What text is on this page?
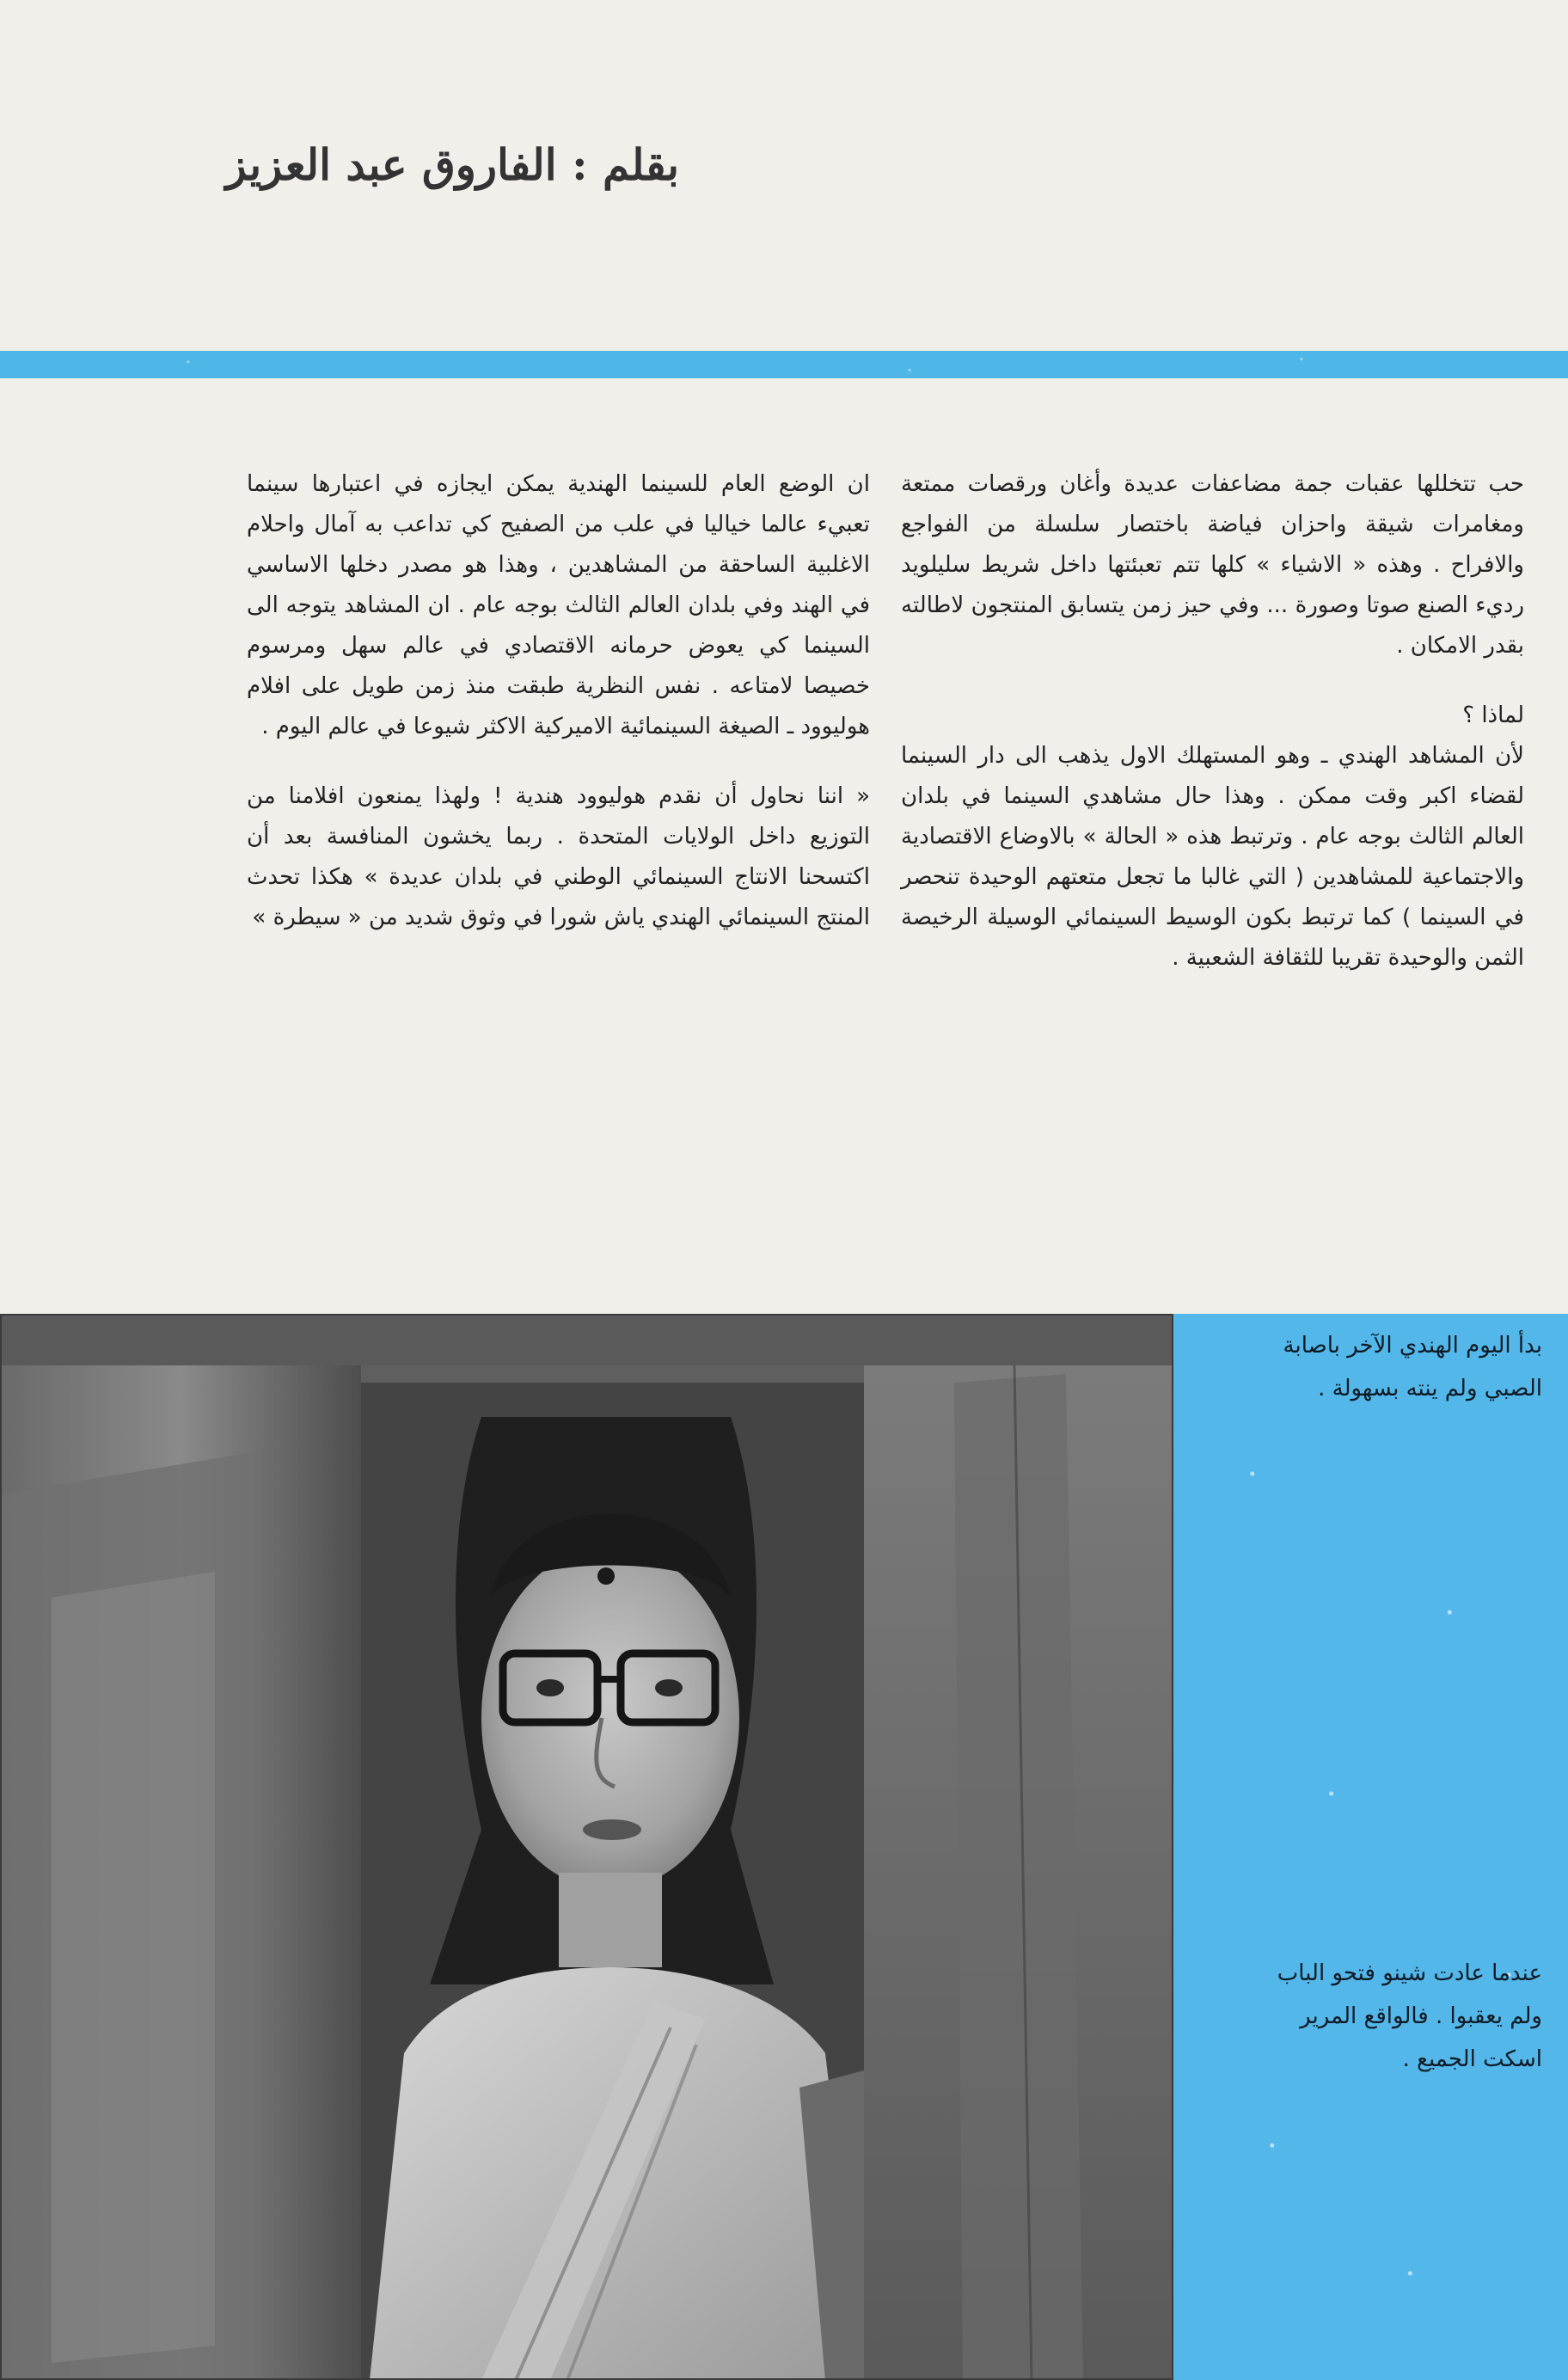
بقلم : الفاروق عبد العزيز

حب تتخللها عقبات جمة مضاعفات عديدة وأغان ورقصات ممتعة ومغامرات شيقة واحزان فياضة باختصار سلسلة من الفواجع والافراح . وهذه « الاشياء » كلها تتم تعبئتها داخل شريط سليلويد رديء الصنع صوتا وصورة ... وفي حيز زمن يتسابق المنتجون لاطالته بقدر الامكان .

لماذا ؟

لأن المشاهد الهندي ـ وهو المستهلك الاول يذهب الى دار السينما لقضاء اكبر وقت ممكن . وهذا حال مشاهدي السينما في بلدان العالم الثالث بوجه عام . وترتبط هذه « الحالة » بالاوضاع الاقتصادية والاجتماعية للمشاهدين ( التي غالبا ما تجعل متعتهم الوحيدة تنحصر في السينما ) كما ترتبط بكون الوسيط السينمائي الوسيلة الرخيصة الثمن والوحيدة تقريبا للثقافة الشعبية .

ان الوضع العام للسينما الهندية يمكن ايجازه في اعتبارها سينما تعبيء عالما خياليا في علب من الصفيح كي تداعب به آمال واحلام الاغلبية الساحقة من المشاهدين ، وهذا هو مصدر دخلها الاساسي في الهند وفي بلدان العالم الثالث بوجه عام . ان المشاهد يتوجه الى السينما كي يعوض حرمانه الاقتصادي في عالم سهل ومرسوم خصيصا لامتاعه . نفس النظرية طبقت منذ زمن طويل على افلام هوليوود ـ الصيغة السينمائية الاميركية الاكثر شيوعا في عالم اليوم .

« اننا نحاول أن نقدم هوليوود هندية ! ولهذا يمنعون افلامنا من التوزيع داخل الولايات المتحدة . ربما يخشون المنافسة بعد أن اكتسحنا الانتاج السينمائي الوطني في بلدان عديدة » هكذا تحدث المنتج السينمائي الهندي ياش شورا في وثوق شديد من « سيطرة »

بدأ اليوم الهندي الآخر باصابة الصبي ولم ينته بسهولة .
عندما عادت شينو فتحو الباب ولم يعقبوا . فالواقع المرير اسكت الجميع .
